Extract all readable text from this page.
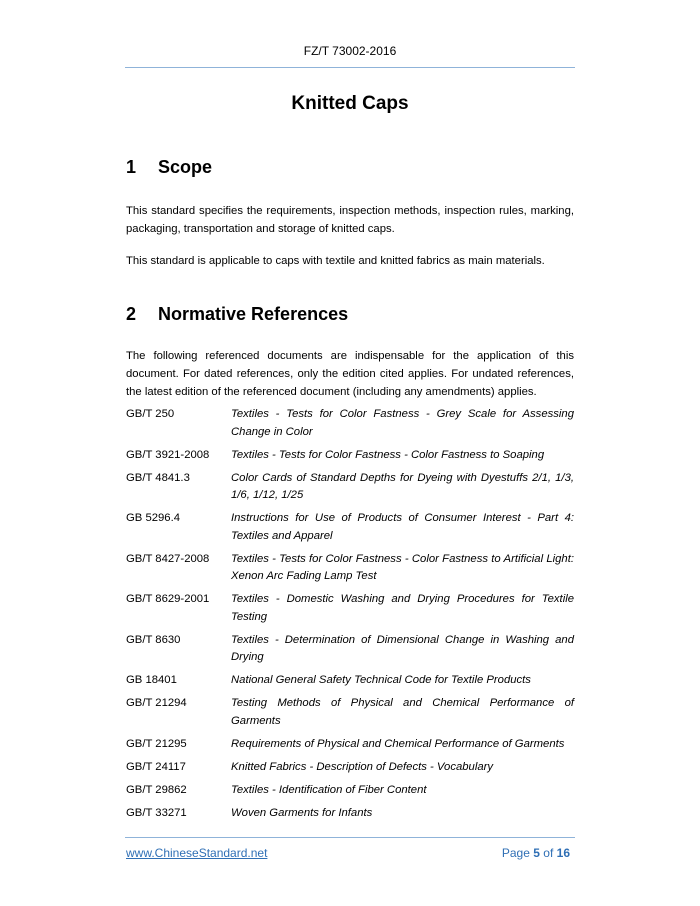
FZ/T 73002-2016
Knitted Caps
1 Scope
This standard specifies the requirements, inspection methods, inspection rules, marking, packaging, transportation and storage of knitted caps.
This standard is applicable to caps with textile and knitted fabrics as main materials.
2 Normative References
The following referenced documents are indispensable for the application of this document. For dated references, only the edition cited applies. For undated references, the latest edition of the referenced document (including any amendments) applies.
GB/T 250	Textiles - Tests for Color Fastness - Grey Scale for Assessing Change in Color
GB/T 3921-2008	Textiles - Tests for Color Fastness - Color Fastness to Soaping
GB/T 4841.3	Color Cards of Standard Depths for Dyeing with Dyestuffs 2/1, 1/3, 1/6, 1/12, 1/25
GB 5296.4	Instructions for Use of Products of Consumer Interest - Part 4: Textiles and Apparel
GB/T 8427-2008	Textiles - Tests for Color Fastness - Color Fastness to Artificial Light: Xenon Arc Fading Lamp Test
GB/T 8629-2001	Textiles - Domestic Washing and Drying Procedures for Textile Testing
GB/T 8630	Textiles - Determination of Dimensional Change in Washing and Drying
GB 18401	National General Safety Technical Code for Textile Products
GB/T 21294	Testing Methods of Physical and Chemical Performance of Garments
GB/T 21295	Requirements of Physical and Chemical Performance of Garments
GB/T 24117	Knitted Fabrics - Description of Defects - Vocabulary
GB/T 29862	Textiles - Identification of Fiber Content
GB/T 33271	Woven Garments for Infants
www.ChineseStandard.net	Page 5 of 16
